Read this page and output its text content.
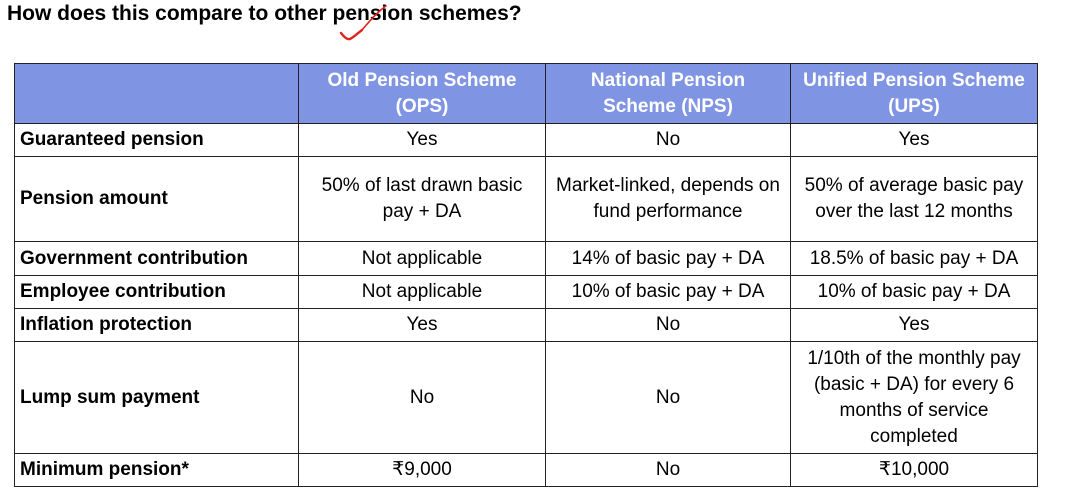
How does this compare to other pension schemes?
	Old Pension Scheme (OPS)	National Pension Scheme (NPS)	Unified Pension Scheme (UPS)
Guaranteed pension	Yes	No	Yes
Pension amount	50% of last drawn basic pay + DA	Market-linked, depends on fund performance	50% of average basic pay over the last 12 months
Government contribution	Not applicable	14% of basic pay + DA	18.5% of basic pay + DA
Employee contribution	Not applicable	10% of basic pay + DA	10% of basic pay + DA
Inflation protection	Yes	No	Yes
Lump sum payment	No	No	1/10th of the monthly pay (basic + DA) for every 6 months of service completed
Minimum pension*	₹9,000	No	₹10,000
